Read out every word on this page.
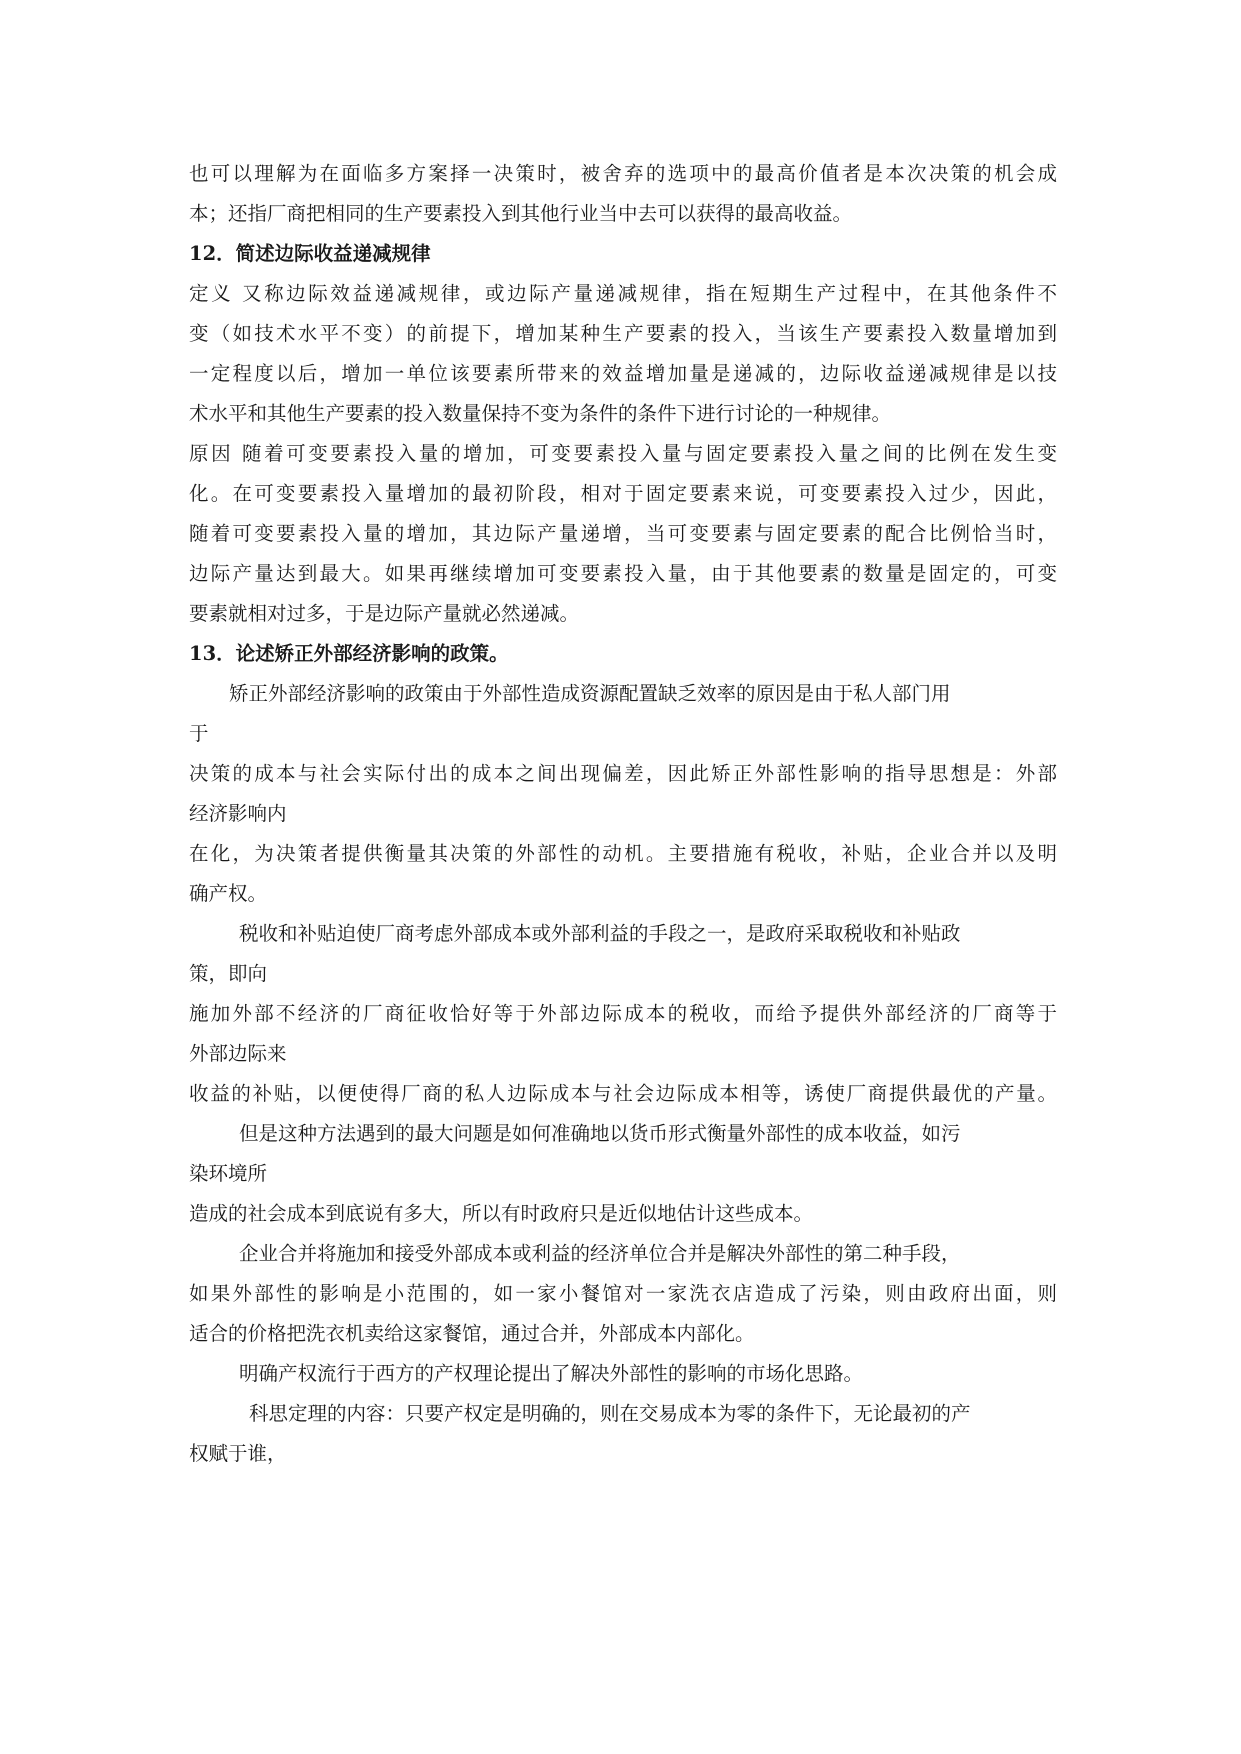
也可以理解为在面临多方案择一决策时，被舍弃的选项中的最高价值者是本次决策的机会成
本；还指厂商把相同的生产要素投入到其他行业当中去可以获得的最高收益。
12．简述边际收益递减规律
定义 又称边际效益递减规律，或边际产量递减规律，指在短期生产过程中，在其他条件不
变（如技术水平不变）的前提下，增加某种生产要素的投入，当该生产要素投入数量增加到
一定程度以后，增加一单位该要素所带来的效益增加量是递减的，边际收益递减规律是以技
术水平和其他生产要素的投入数量保持不变为条件的条件下进行讨论的一种规律。
原因 随着可变要素投入量的增加，可变要素投入量与固定要素投入量之间的比例在发生变
化。在可变要素投入量增加的最初阶段，相对于固定要素来说，可变要素投入过少，因此，
随着可变要素投入量的增加，其边际产量递增，当可变要素与固定要素的配合比例恰当时，
边际产量达到最大。如果再继续增加可变要素投入量，由于其他要素的数量是固定的，可变
要素就相对过多，于是边际产量就必然递减。
13．论述矫正外部经济影响的政策。
矫正外部经济影响的政策由于外部性造成资源配置缺乏效率的原因是由于私人部门用
于
决策的成本与社会实际付出的成本之间出现偏差，因此矫正外部性影响的指导思想是：外部
经济影响内
在化，为决策者提供衡量其决策的外部性的动机。主要措施有税收，补贴，企业合并以及明
确产权。
税收和补贴迫使厂商考虑外部成本或外部利益的手段之一，是政府采取税收和补贴政
策，即向
施加外部不经济的厂商征收恰好等于外部边际成本的税收，而给予提供外部经济的厂商等于
外部边际来
收益的补贴，以便使得厂商的私人边际成本与社会边际成本相等，诱使厂商提供最优的产量。
但是这种方法遇到的最大问题是如何准确地以货币形式衡量外部性的成本收益，如污
染环境所
造成的社会成本到底说有多大，所以有时政府只是近似地估计这些成本。
企业合并将施加和接受外部成本或利益的经济单位合并是解决外部性的第二种手段，
如果外部性的影响是小范围的，如一家小餐馆对一家洗衣店造成了污染，则由政府出面，则
适合的价格把洗衣机卖给这家餐馆，通过合并，外部成本内部化。
明确产权流行于西方的产权理论提出了解决外部性的影响的市场化思路。
科思定理的内容：只要产权定是明确的，则在交易成本为零的条件下，无论最初的产
权赋于谁，
